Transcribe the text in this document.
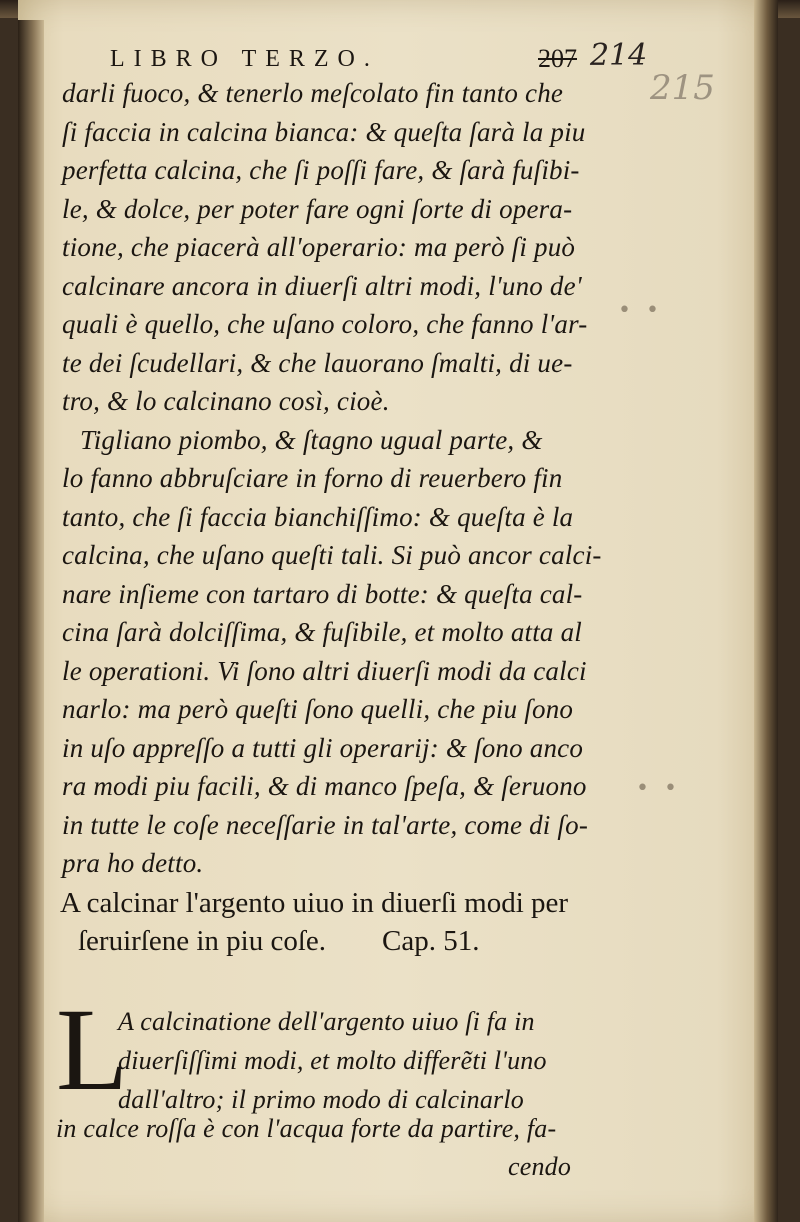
LIBRO TERZO.	207 214
215
darli fuoco, & tenerlo meſcolato fin tanto che
ſi faccia in calcina bianca: & queſta ſarà la piu
perfetta calcina, che ſi poſſi fare, & ſarà fuſibi-
le, & dolce, per poter fare ogni ſorte di opera-
tione, che piacerà all'operario: ma però ſi può
calcinare ancora in diuerſi altri modi, l'uno de'
quali è quello, che uſano coloro, che fanno l'ar-
te dei ſcudellari, & che lauorano ſmalti, di ue-
tro, & lo calcinano così, cioè.
Tigliano piombo, & ſtagno ugual parte, &
lo fanno abbruſciare in forno di reuerbero fin
tanto, che ſi faccia bianchiſſimo: & queſta è la
calcina, che uſano queſti tali. Si può ancor calci-
nare inſieme con tartaro di botte: & queſta cal-
cina ſarà dolciſſima, & fuſibile, et molto atta al
le operationi. Vi ſono altri diuerſi modi da calci
narlo: ma però queſti ſono quelli, che piu ſono
in uſo appreſſo a tutti gli operarij: & ſono anco
ra modi piu facili, & di manco ſpeſa, & ſeruono
in tutte le coſe neceſſarie in tal'arte, come di ſo-
pra ho detto.
A calcinar l'argento uiuo in diuerſi modi per
ſeruirſene in piu coſe. Cap. 51.
L
A calcinatione dell'argento uiuo ſi fa in
diuerſiſſimi modi, et molto differẽti l'uno
dall'altro; il primo modo di calcinarlo
in calce roſſa è con l'acqua forte da partire, fa-
cendo
• •
• •
